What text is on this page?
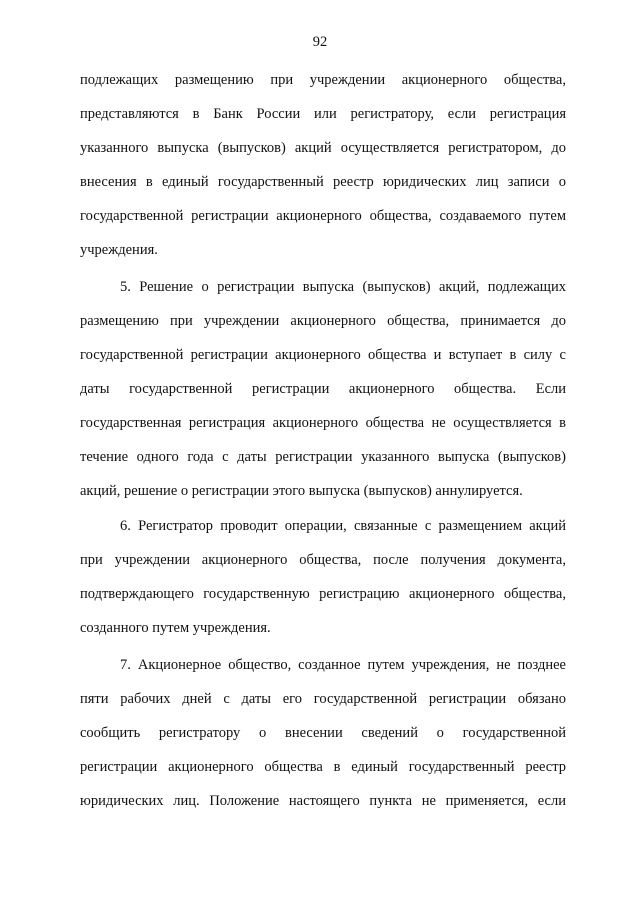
92
подлежащих размещению при учреждении акционерного общества,
представляются в Банк России или регистратору, если регистрация
указанного выпуска (выпусков) акций осуществляется регистратором, до
внесения в единый государственный реестр юридических лиц записи о
государственной регистрации акционерного общества, создаваемого путем
учреждения.
5. Решение о регистрации выпуска (выпусков) акций, подлежащих
размещению при учреждении акционерного общества, принимается до
государственной регистрации акционерного общества и вступает в силу с
даты государственной регистрации акционерного общества. Если
государственная регистрация акционерного общества не осуществляется в
течение одного года с даты регистрации указанного выпуска (выпусков)
акций, решение о регистрации этого выпуска (выпусков) аннулируется.
6. Регистратор проводит операции, связанные с размещением акций
при учреждении акционерного общества, после получения документа,
подтверждающего государственную регистрацию акционерного общества,
созданного путем учреждения.
7. Акционерное общество, созданное путем учреждения, не позднее
пяти рабочих дней с даты его государственной регистрации обязано
сообщить регистратору о внесении сведений о государственной
регистрации акционерного общества в единый государственный реестр
юридических лиц. Положение настоящего пункта не применяется, если
